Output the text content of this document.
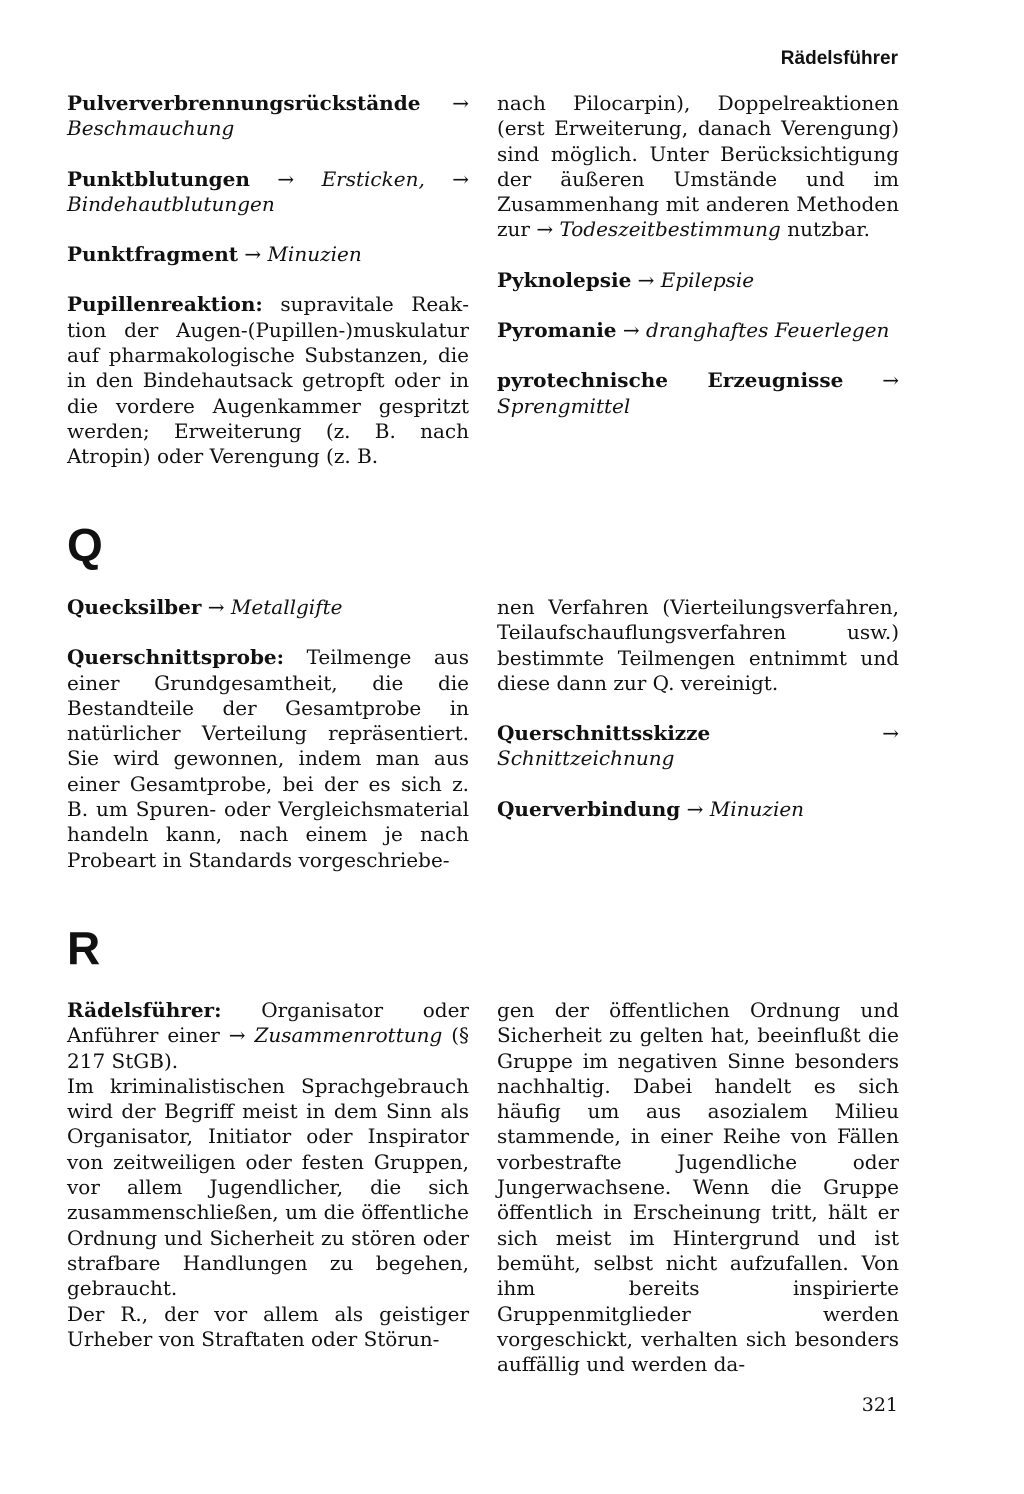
Rädelsführer

Pulververbrennungsrückstände →

Beschmauchung

Punktblutungen → Ersticken, →
Bindehautblutungen

Punktfragment → Minuzien

Pupillenreaktion: supravitale Reaktion der Augen-(Pupillen-)muskulatur auf pharmakologische Substanzen, die in den Bindehautsack getropft oder in die vordere Augenkammer gespritzt werden; Erweiterung (z. B. nach Atropin) oder Verengung (z. B.

nach Pilocarpin), Doppelreaktionen (erst Erweiterung, danach Verengung) sind möglich. Unter Berücksichtigung der äußeren Umstände und im Zusammenhang mit anderen Methoden zur → Todeszeitbestimmung nutzbar.

Pyknolepsie → Epilepsie

Pyromanie → dranghaftes Feuerlegen

pyrotechnische Erzeugnisse →
Sprengmittel

Q

Quecksilber → Metallgifte

Querschnittsprobe: Teilmenge aus einer Grundgesamtheit, die die Bestandteile der Gesamtprobe in natürlicher Verteilung repräsentiert. Sie wird gewonnen, indem man aus einer Gesamtprobe, bei der es sich z. B. um Spuren- oder Vergleichsmaterial handeln kann, nach einem je nach Probeart in Standards vorgeschriebe-

nen Verfahren (Vierteilungsverfahren, Teilaufschauflungsverfahren usw.) bestimmte Teilmengen entnimmt und diese dann zur Q. vereinigt.

Querschnittsskizze	→ Schnittzeichnung

Querverbindung → Minuzien

R

Rädelsführer: Organisator oder Anführer einer → Zusammenrottung (§ 217 StGB).

Im kriminalistischen Sprachgebrauch wird der Begriff meist in dem Sinn als Organisator, Initiator oder Inspirator von zeitweiligen oder festen Gruppen, vor allem Jugendlicher, die sich zusammenschließen, um die öffentliche Ordnung und Sicherheit zu stören oder strafbare Handlungen zu begehen, gebraucht.

Der R., der vor allem als geistiger Urheber von Straftaten oder Störun-

gen der öffentlichen Ordnung und Sicherheit zu gelten hat, beeinflußt die Gruppe im negativen Sinne besonders nachhaltig. Dabei handelt es sich häufig um aus asozialem Milieu stammende, in einer Reihe von Fällen vorbestrafte Jugendliche oder Jungerwachsene. Wenn die Gruppe öffentlich in Erscheinung tritt, hält er sich meist im Hintergrund und ist bemüht, selbst nicht aufzufallen. Von ihm bereits inspirierte Gruppenmitglieder werden vorgeschickt, verhalten sich besonders auffällig und werden da-

321
